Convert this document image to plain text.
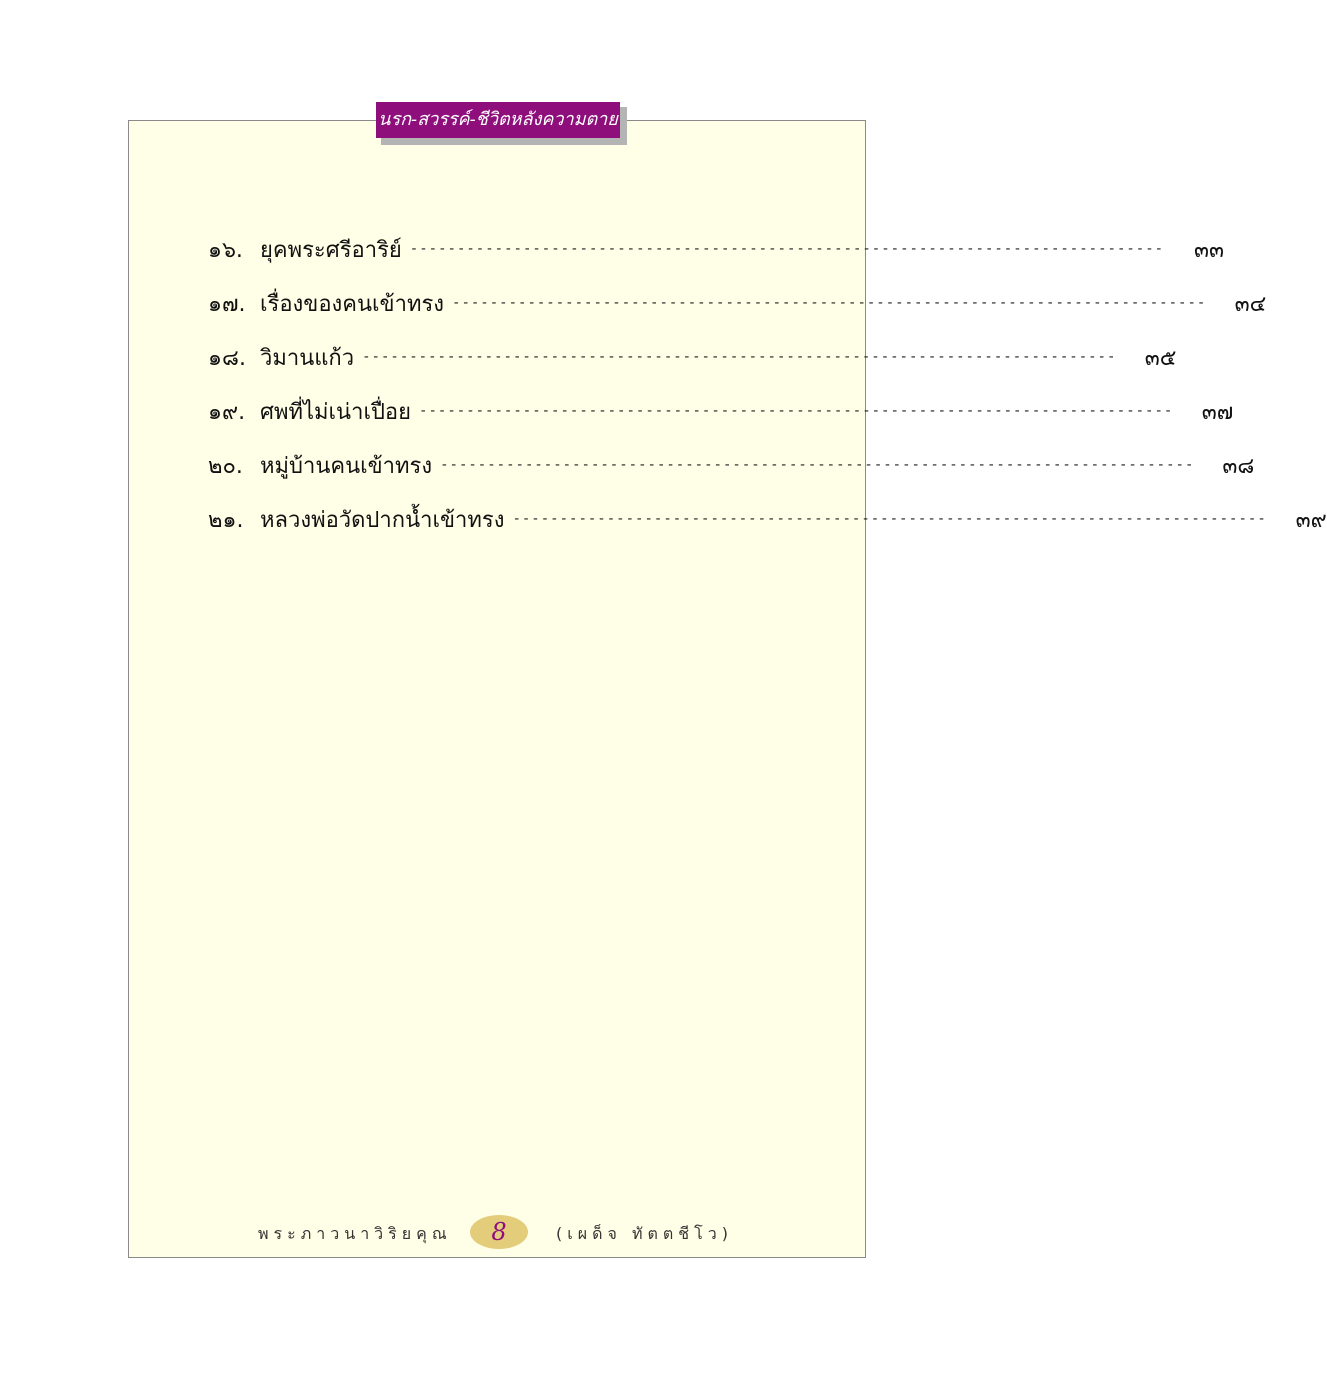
นรก-สวรรค์-ชีวิตหลังความตาย
๑๖. ยุคพระศรีอาริย์ --------------------------------------------------------------------------------	๓๓
๑๗. เรื่องของคนเข้าทรง --------------------------------------------------------------------------------	๓๔
๑๘. วิมานแก้ว --------------------------------------------------------------------------------	๓๕
๑๙. ศพที่ไม่เน่าเปื่อย --------------------------------------------------------------------------------	๓๗
๒๐. หมู่บ้านคนเข้าทรง --------------------------------------------------------------------------------	๓๘
๒๑. หลวงพ่อวัดปากน้ำเข้าทรง --------------------------------------------------------------------------------	๓๙
พระภาวนาวิริยคุณ	8	(เผด็จ ทัตตชีโว)
